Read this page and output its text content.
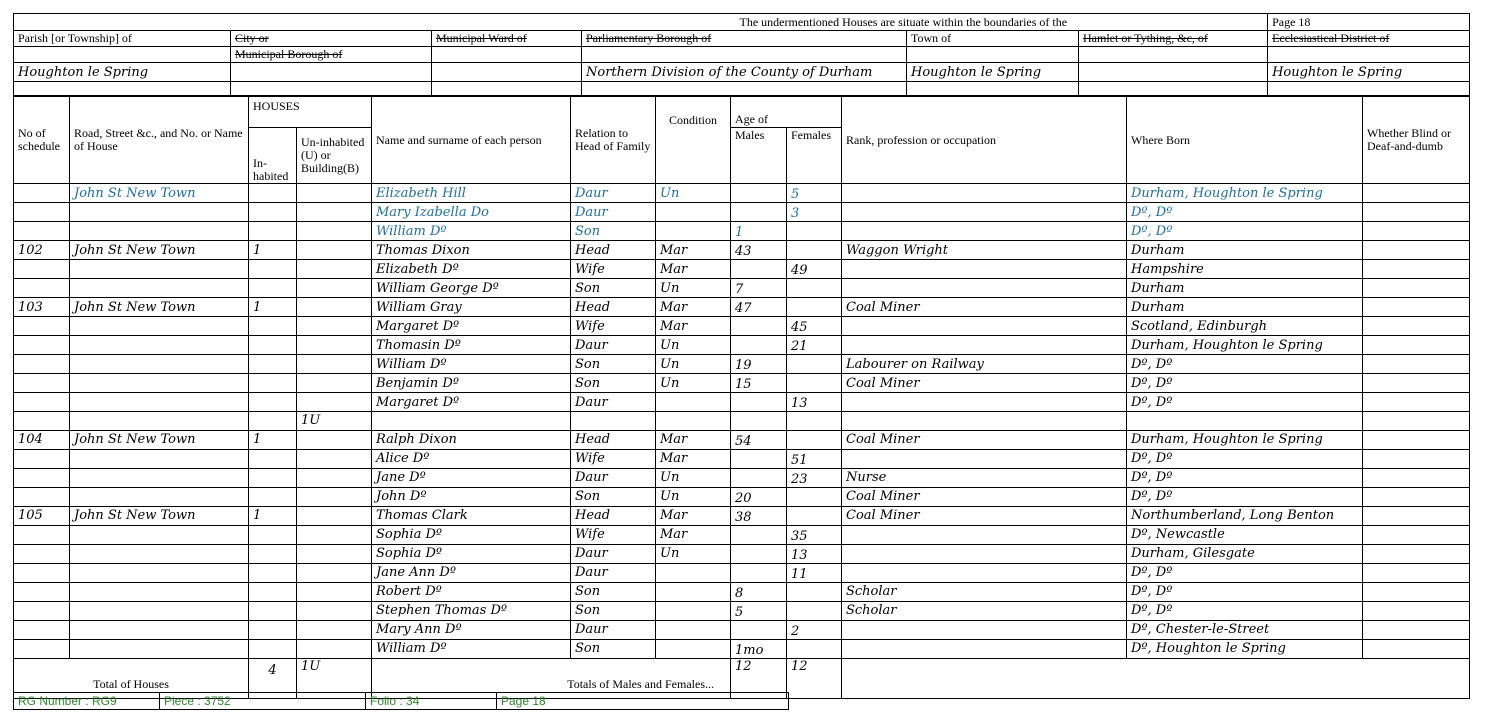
The undermentioned Houses are situate within the boundaries of the						Page 18
Parish [or Township] of	City or	Municipal Ward of	Parliamentary Borough of	Town of	Hamlet or Tything, &c, of	Ecclesiastical District of
	Municipal Borough of					
Houghton le Spring			Northern Division of the County of Durham	Houghton le Spring		Houghton le Spring

No of schedule	Road, Street &c., and No. or Name of House	HOUSES		Name and surname of each person	Relation to Head of Family	Condition	Age of		Rank, profession or occupation	Where Born	Whether Blind or Deaf-and-dumb
		In-habited	Un-inhabited (U) or Building(B)				Males	Females			
	John St New Town			Elizabeth Hill	Daur	Un		5		Durham, Houghton le Spring	
				Mary Izabella Do	Daur			3		Dº, Dº	
				William Dº	Son		1			Dº, Dº	
102	John St New Town	1		Thomas Dixon	Head	Mar	43		Waggon Wright	Durham	
				Elizabeth Dº	Wife	Mar		49		Hampshire	
				William George Dº	Son	Un	7			Durham	
103	John St New Town	1		William Gray	Head	Mar	47		Coal Miner	Durham	
				Margaret Dº	Wife	Mar		45		Scotland, Edinburgh	
				Thomasin Dº	Daur	Un		21		Durham, Houghton le Spring	
				William Dº	Son	Un	19		Labourer on Railway	Dº, Dº	
				Benjamin Dº	Son	Un	15		Coal Miner	Dº, Dº	
				Margaret Dº	Daur			13		Dº, Dº	
			1U								
104	John St New Town	1		Ralph Dixon	Head	Mar	54		Coal Miner	Durham, Houghton le Spring	
				Alice Dº	Wife	Mar		51		Dº, Dº	
				Jane Dº	Daur	Un		23	Nurse	Dº, Dº	
				John Dº	Son	Un	20		Coal Miner	Dº, Dº	
105	John St New Town	1		Thomas Clark	Head	Mar	38		Coal Miner	Northumberland, Long Benton	
				Sophia Dº	Wife	Mar		35		Dº, Newcastle	
				Sophia Dº	Daur	Un		13		Durham, Gilesgate	
				Jane Ann Dº	Daur			11		Dº, Dº	
				Robert Dº	Son		8		Scholar	Dº, Dº	
				Stephen Thomas Dº	Son		5		Scholar	Dº, Dº	
				Mary Ann Dº	Daur			2		Dº, Chester-le-Street	
				William Dº	Son		1mo			Dº, Houghton le Spring	
Total of Houses		4	1U	Totals of Males and Females...			12	12			
RG Number : RG9	Piece : 3752	Folio : 34	Page 18
